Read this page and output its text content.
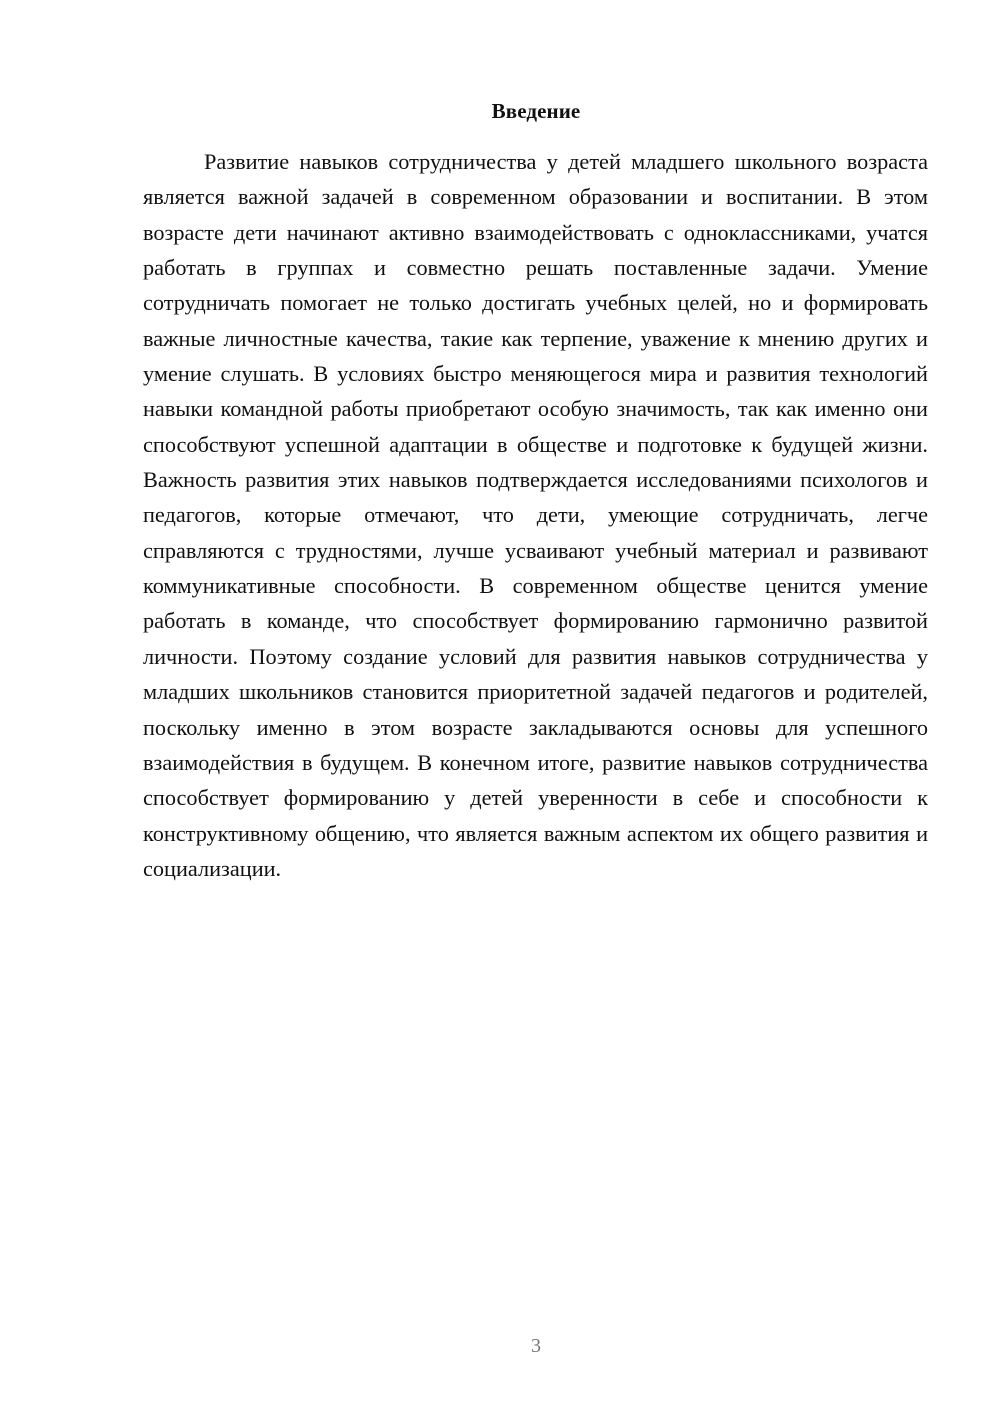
Введение

Развитие навыков сотрудничества у детей младшего школьного возраста является важной задачей в современном образовании и воспитании. В этом возрасте дети начинают активно взаимодействовать с одноклассниками, учатся работать в группах и совместно решать поставленные задачи. Умение сотрудничать помогает не только достигать учебных целей, но и формировать важные личностные качества, такие как терпение, уважение к мнению других и умение слушать. В условиях быстро меняющегося мира и развития технологий навыки командной работы приобретают особую значимость, так как именно они способствуют успешной адаптации в обществе и подготовке к будущей жизни. Важность развития этих навыков подтверждается исследованиями психологов и педагогов, которые отмечают, что дети, умеющие сотрудничать, легче справляются с трудностями, лучше усваивают учебный материал и развивают коммуникативные способности. В современном обществе ценится умение работать в команде, что способствует формированию гармонично развитой личности. Поэтому создание условий для развития навыков сотрудничества у младших школьников становится приоритетной задачей педагогов и родителей, поскольку именно в этом возрасте закладываются основы для успешного взаимодействия в будущем. В конечном итоге, развитие навыков сотрудничества способствует формированию у детей уверенности в себе и способности к конструктивному общению, что является важным аспектом их общего развития и социализации.

3
